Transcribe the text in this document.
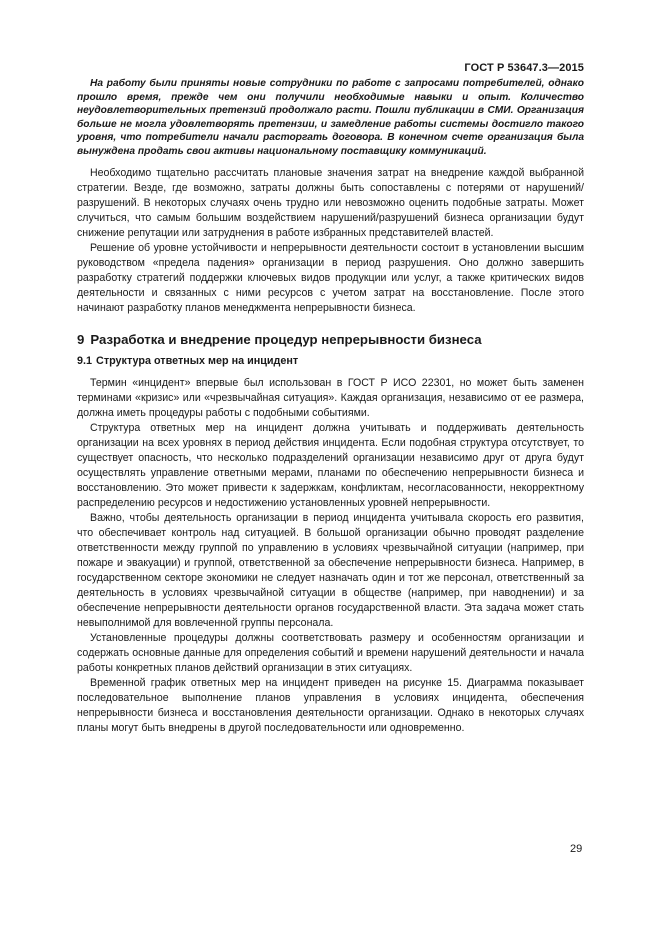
ГОСТ Р 53647.3—2015

На работу были приняты новые сотрудники по работе с запросами потребителей, однако прошло время, прежде чем они получили необходимые навыки и опыт. Количество неудовлетворительных претензий продолжало расти. Пошли публикации в СМИ. Организация больше не могла удовлетворять претензии, и замедление работы системы достигло такого уровня, что потребители начали расторгать договора. В конечном счете организация была вынуждена продать свои активы национальному поставщику коммуникаций.

Необходимо тщательно рассчитать плановые значения затрат на внедрение каждой выбранной стратегии. Везде, где возможно, затраты должны быть сопоставлены с потерями от нарушений/разрушений. В некоторых случаях очень трудно или невозможно оценить подобные затраты. Может случиться, что самым большим воздействием нарушений/разрушений бизнеса организации будут снижение репутации или затруднения в работе избранных представителей властей.

Решение об уровне устойчивости и непрерывности деятельности состоит в установлении высшим руководством «предела падения» организации в период разрушения. Оно должно завершить разработку стратегий поддержки ключевых видов продукции или услуг, а также критических видов деятельности и связанных с ними ресурсов с учетом затрат на восстановление. После этого начинают разработку планов менеджмента непрерывности бизнеса.

9 Разработка и внедрение процедур непрерывности бизнеса
9.1 Структура ответных мер на инцидент

Термин «инцидент» впервые был использован в ГОСТ Р ИСО 22301, но может быть заменен терминами «кризис» или «чрезвычайная ситуация». Каждая организация, независимо от ее размера, должна иметь процедуры работы с подобными событиями.

Структура ответных мер на инцидент должна учитывать и поддерживать деятельность организации на всех уровнях в период действия инцидента. Если подобная структура отсутствует, то существует опасность, что несколько подразделений организации независимо друг от друга будут осуществлять управление ответными мерами, планами по обеспечению непрерывности бизнеса и восстановлению. Это может привести к задержкам, конфликтам, несогласованности, некорректному распределению ресурсов и недостижению установленных уровней непрерывности.

Важно, чтобы деятельность организации в период инцидента учитывала скорость его развития, что обеспечивает контроль над ситуацией. В большой организации обычно проводят разделение ответственности между группой по управлению в условиях чрезвычайной ситуации (например, при пожаре и эвакуации) и группой, ответственной за обеспечение непрерывности бизнеса. Например, в государственном секторе экономики не следует назначать один и тот же персонал, ответственный за деятельность в условиях чрезвычайной ситуации в обществе (например, при наводнении) и за обеспечение непрерывности деятельности органов государственной власти. Эта задача может стать невыполнимой для вовлеченной группы персонала.

Установленные процедуры должны соответствовать размеру и особенностям организации и содержать основные данные для определения событий и времени нарушений деятельности и начала работы конкретных планов действий организации в этих ситуациях.

Временной график ответных мер на инцидент приведен на рисунке 15. Диаграмма показывает последовательное выполнение планов управления в условиях инцидента, обеспечения непрерывности бизнеса и восстановления деятельности организации. Однако в некоторых случаях планы могут быть внедрены в другой последовательности или одновременно.

29
